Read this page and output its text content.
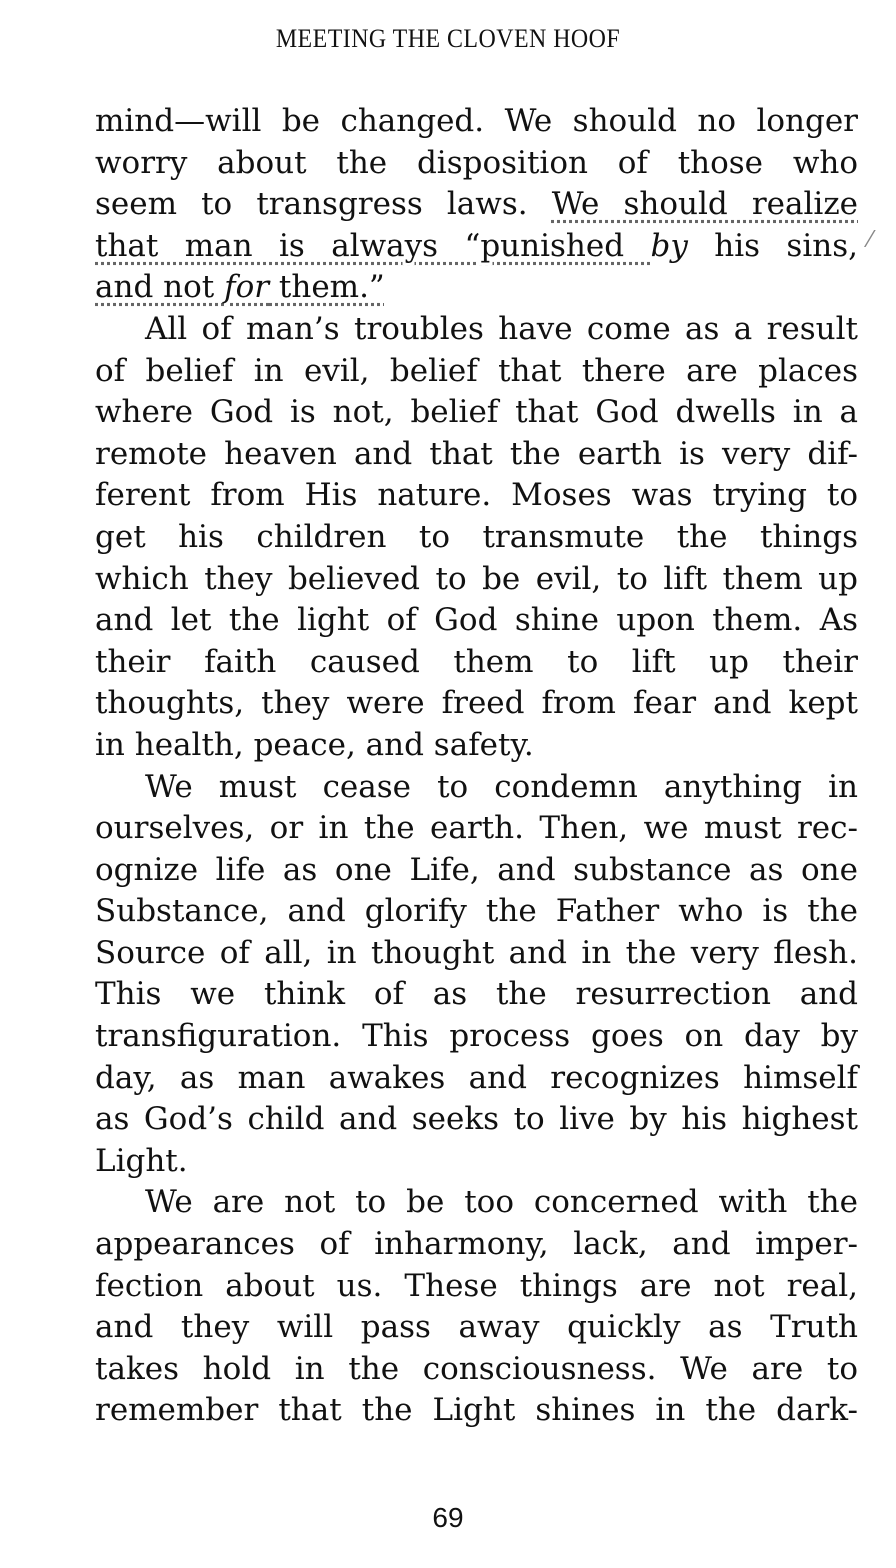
MEETING THE CLOVEN HOOF
⁄
mind—will be changed. We should no longer
worry about the disposition of those who
seem to transgress laws. We should realize
that man is always “punished by his sins,
and not for them.”
All of man’s troubles have come as a result
of belief in evil, belief that there are places
where God is not, belief that God dwells in a
remote heaven and that the earth is very dif-
ferent from His nature. Moses was trying to
get his children to transmute the things
which they believed to be evil, to lift them up
and let the light of God shine upon them. As
their faith caused them to lift up their
thoughts, they were freed from fear and kept
in health, peace, and safety.
We must cease to condemn anything in
ourselves, or in the earth. Then, we must rec-
ognize life as one Life, and substance as one
Substance, and glorify the Father who is the
Source of all, in thought and in the very flesh.
This we think of as the resurrection and
transfiguration. This process goes on day by
day, as man awakes and recognizes himself
as God’s child and seeks to live by his highest
Light.
We are not to be too concerned with the
appearances of inharmony, lack, and imper-
fection about us. These things are not real,
and they will pass away quickly as Truth
takes hold in the consciousness. We are to
remember that the Light shines in the dark-
69
